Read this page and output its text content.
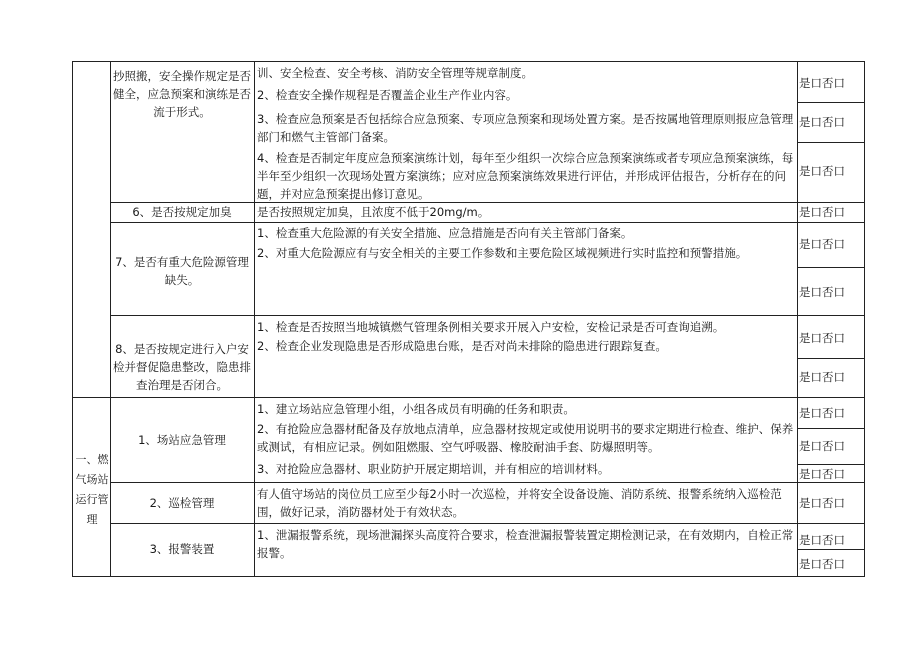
抄照搬，安全操作规定是否健全，应急预案和演练是否流于形式。
训、安全检查、安全考核、消防安全管理等规章制度。
2、检查安全操作规程是否覆盖企业生产作业内容。
3、检查应急预案是否包括综合应急预案、专项应急预案和现场处置方案。是否按属地管理原则报应急管理部门和燃气主管部门备案。
4、检查是否制定年度应急预案演练计划，每年至少组织一次综合应急预案演练或者专项应急预案演练，每半年至少组织一次现场处置方案演练；应对应急预案演练效果进行评估，并形成评估报告，分析存在的问题，并对应急预案提出修订意见。
是口否口
是口否口
是口否口
6、是否按规定加臭	是否按照规定加臭，且浓度不低于20mg∕m。	是口否口
7、是否有重大危险源管理缺失。
1、检查重大危险源的有关安全措施、应急措施是否向有关主管部门备案。
2、对重大危险源应有与安全相关的主要工作参数和主要危险区域视频进行实时监控和预警措施。
是口否口
是口否口
8、是否按规定进行入户安检并督促隐患整改，隐患排查治理是否闭合。
1、检查是否按照当地城镇燃气管理条例相关要求开展入户安检，安检记录是否可查询追溯。
2、检查企业发现隐患是否形成隐患台账，是否对尚未排除的隐患进行跟踪复查。
是口否口
是口否口
一、燃气场站运行管理
1、场站应急管理
1、建立场站应急管理小组，小组各成员有明确的任务和职责。
2、有抢险应急器材配备及存放地点清单，应急器材按规定或使用说明书的要求定期进行检查、维护、保养或测试，有相应记录。例如阻燃服、空气呼吸器、橡胶耐油手套、防爆照明等。
3、对抢险应急器材、职业防护开展定期培训，并有相应的培训材料。
是口否口
是口否口
是口否口
2、巡检管理
有人值守场站的岗位员工应至少每2小时一次巡检，并将安全设备设施、消防系统、报警系统纳入巡检范围，做好记录，消防器材处于有效状态。
是口否口
3、报警装置
1、泄漏报警系统，现场泄漏探头高度符合要求，检查泄漏报警装置定期检测记录，在有效期内，自检正常报警。
是口否口
是口否口
